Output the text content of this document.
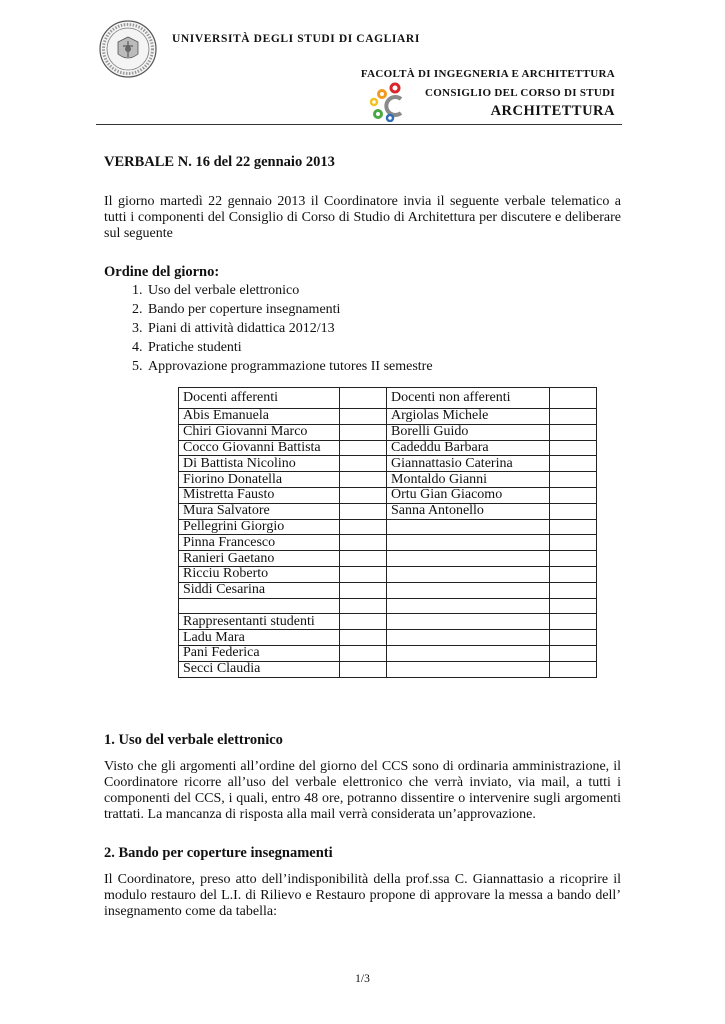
UNIVERSITÀ DEGLI STUDI DI CAGLIARI
FACOLTÀ DI INGEGNERIA E ARCHITETTURA
CONSIGLIO DEL CORSO DI STUDI
ARCHITETTURA

VERBALE N. 16 del 22 gennaio 2013

Il giorno martedì 22 gennaio 2013 il Coordinatore invia il seguente verbale telematico a tutti i componenti del Consiglio di Corso di Studio di Architettura per discutere e deliberare sul seguente

Ordine del giorno:

1. Uso del verbale elettronico
2. Bando per coperture insegnamenti
3. Piani di attività didattica 2012/13
4. Pratiche studenti
5. Approvazione programmazione tutores II semestre
Docenti afferenti		Docenti non afferenti	
Abis Emanuela		Argiolas Michele	
Chiri Giovanni Marco		Borelli Guido	
Cocco Giovanni Battista		Cadeddu Barbara	
Di Battista Nicolino		Giannattasio Caterina	
Fiorino Donatella		Montaldo Gianni	
Mistretta Fausto		Ortu Gian Giacomo	
Mura Salvatore		Sanna Antonello	
Pellegrini Giorgio			
Pinna Francesco			
Ranieri Gaetano			
Ricciu Roberto			
Siddi Cesarina			

Rappresentanti studenti			
Ladu Mara			
Pani Federica			
Secci Claudia			

1. Uso del verbale elettronico

Visto che gli argomenti all’ordine del giorno del CCS sono di ordinaria amministrazione, il Coordinatore ricorre all’uso del verbale elettronico che verrà inviato, via mail, a tutti i componenti del CCS, i quali, entro 48 ore, potranno dissentire o intervenire sugli argomenti trattati. La mancanza di risposta alla mail verrà considerata un’approvazione.

2. Bando per coperture insegnamenti

Il Coordinatore, preso atto dell’indisponibilità della prof.ssa C. Giannattasio a ricoprire il modulo restauro del L.I. di Rilievo e Restauro propone di approvare la messa a bando dell’ insegnamento come da tabella:

1/3
